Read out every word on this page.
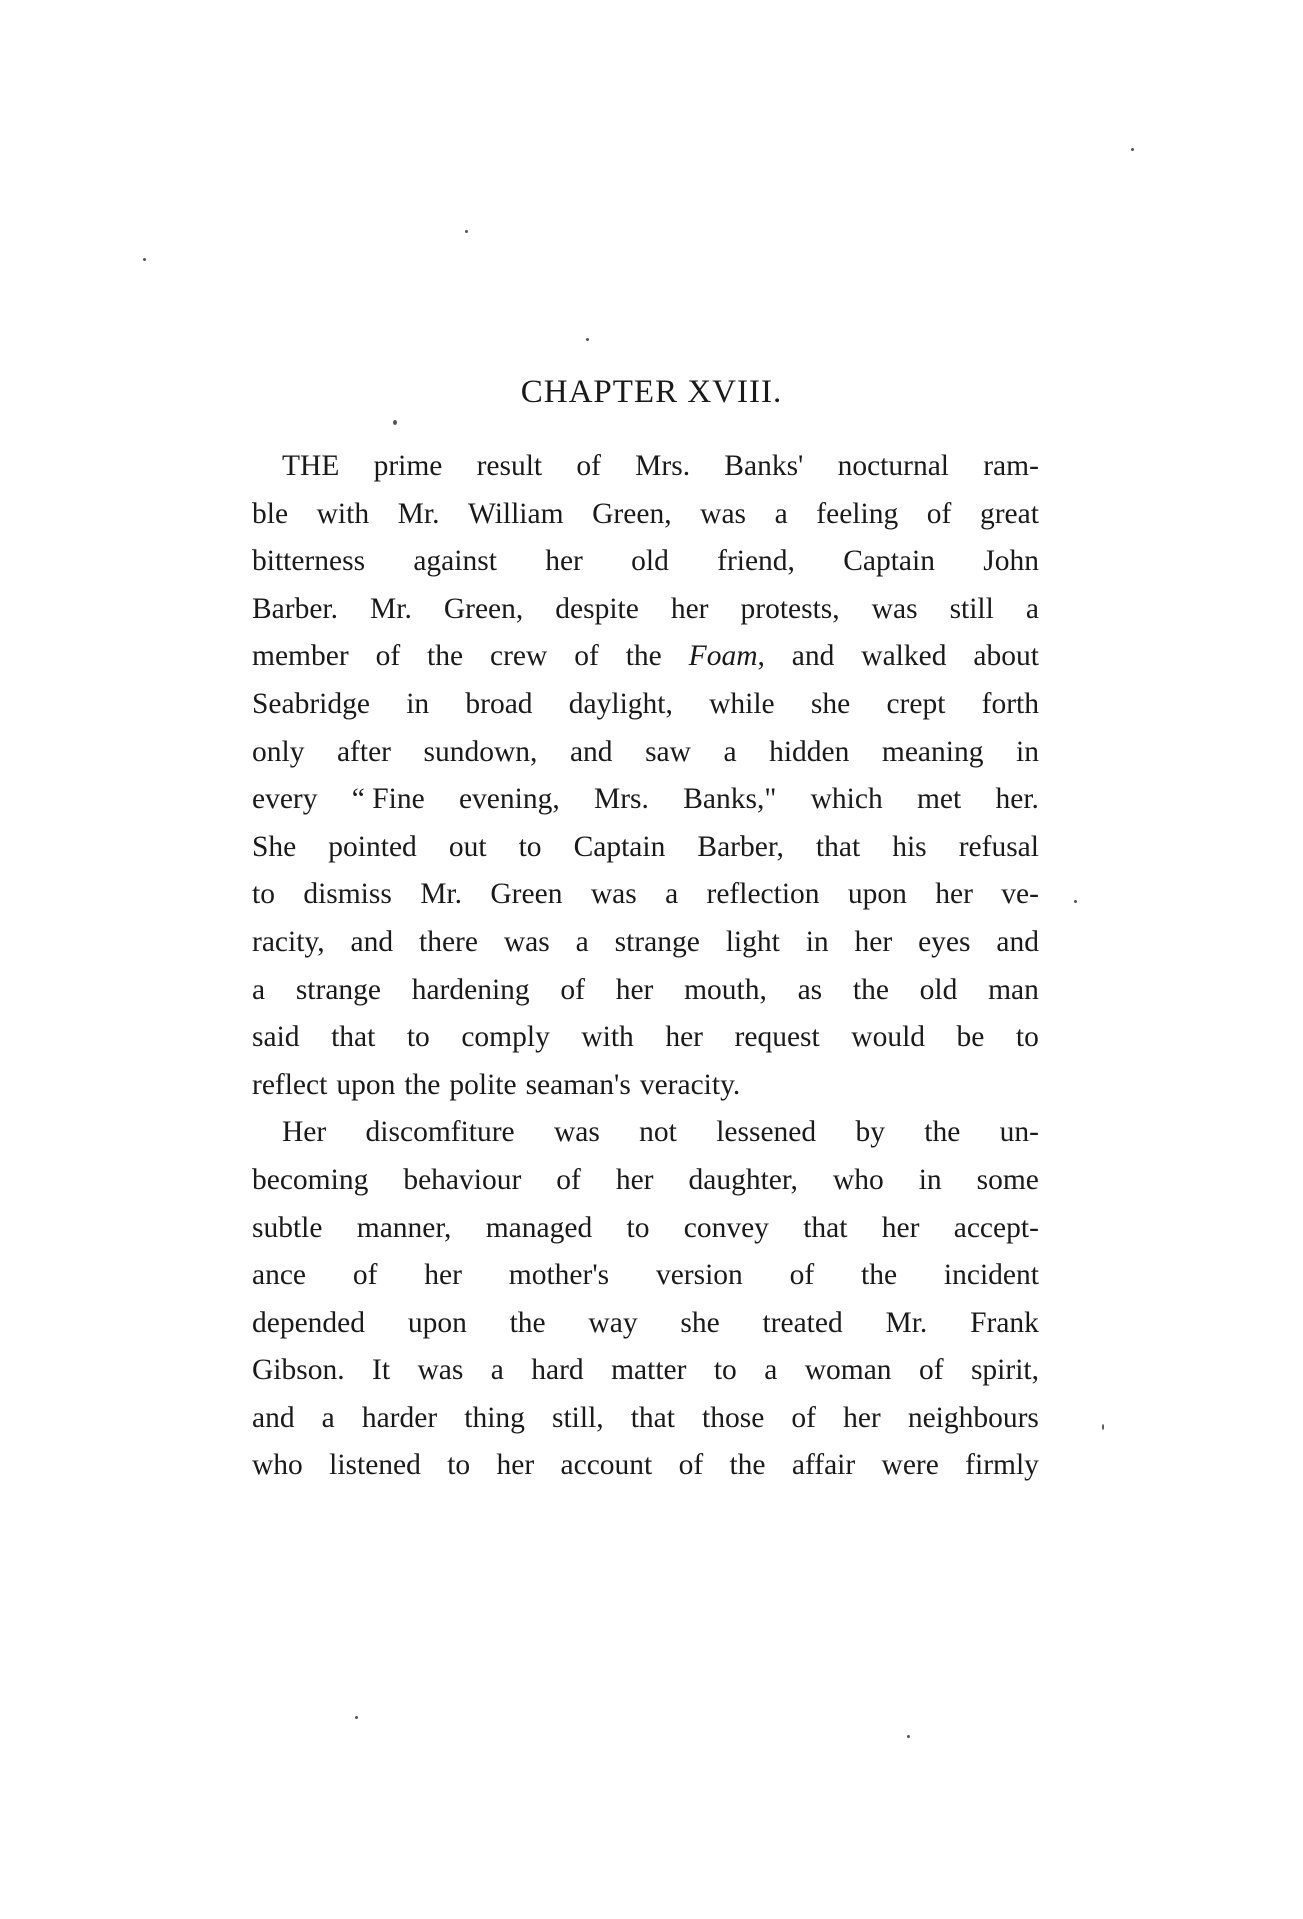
CHAPTER XVIII.
THE prime result of Mrs. Banks' nocturnal ram-
ble with Mr. William Green, was a feeling of great
bitterness against her old friend, Captain John
Barber. Mr. Green, despite her protests, was still a
member of the crew of the Foam, and walked about
Seabridge in broad daylight, while she crept forth
only after sundown, and saw a hidden meaning in
every “ Fine evening, Mrs. Banks," which met her.
She pointed out to Captain Barber, that his refusal
to dismiss Mr. Green was a reflection upon her ve-
racity, and there was a strange light in her eyes and
a strange hardening of her mouth, as the old man
said that to comply with her request would be to
reflect upon the polite seaman's veracity.
Her discomfiture was not lessened by the un-
becoming behaviour of her daughter, who in some
subtle manner, managed to convey that her accept-
ance of her mother's version of the incident
depended upon the way she treated Mr. Frank
Gibson. It was a hard matter to a woman of spirit,
and a harder thing still, that those of her neighbours
who listened to her account of the affair were firmly
